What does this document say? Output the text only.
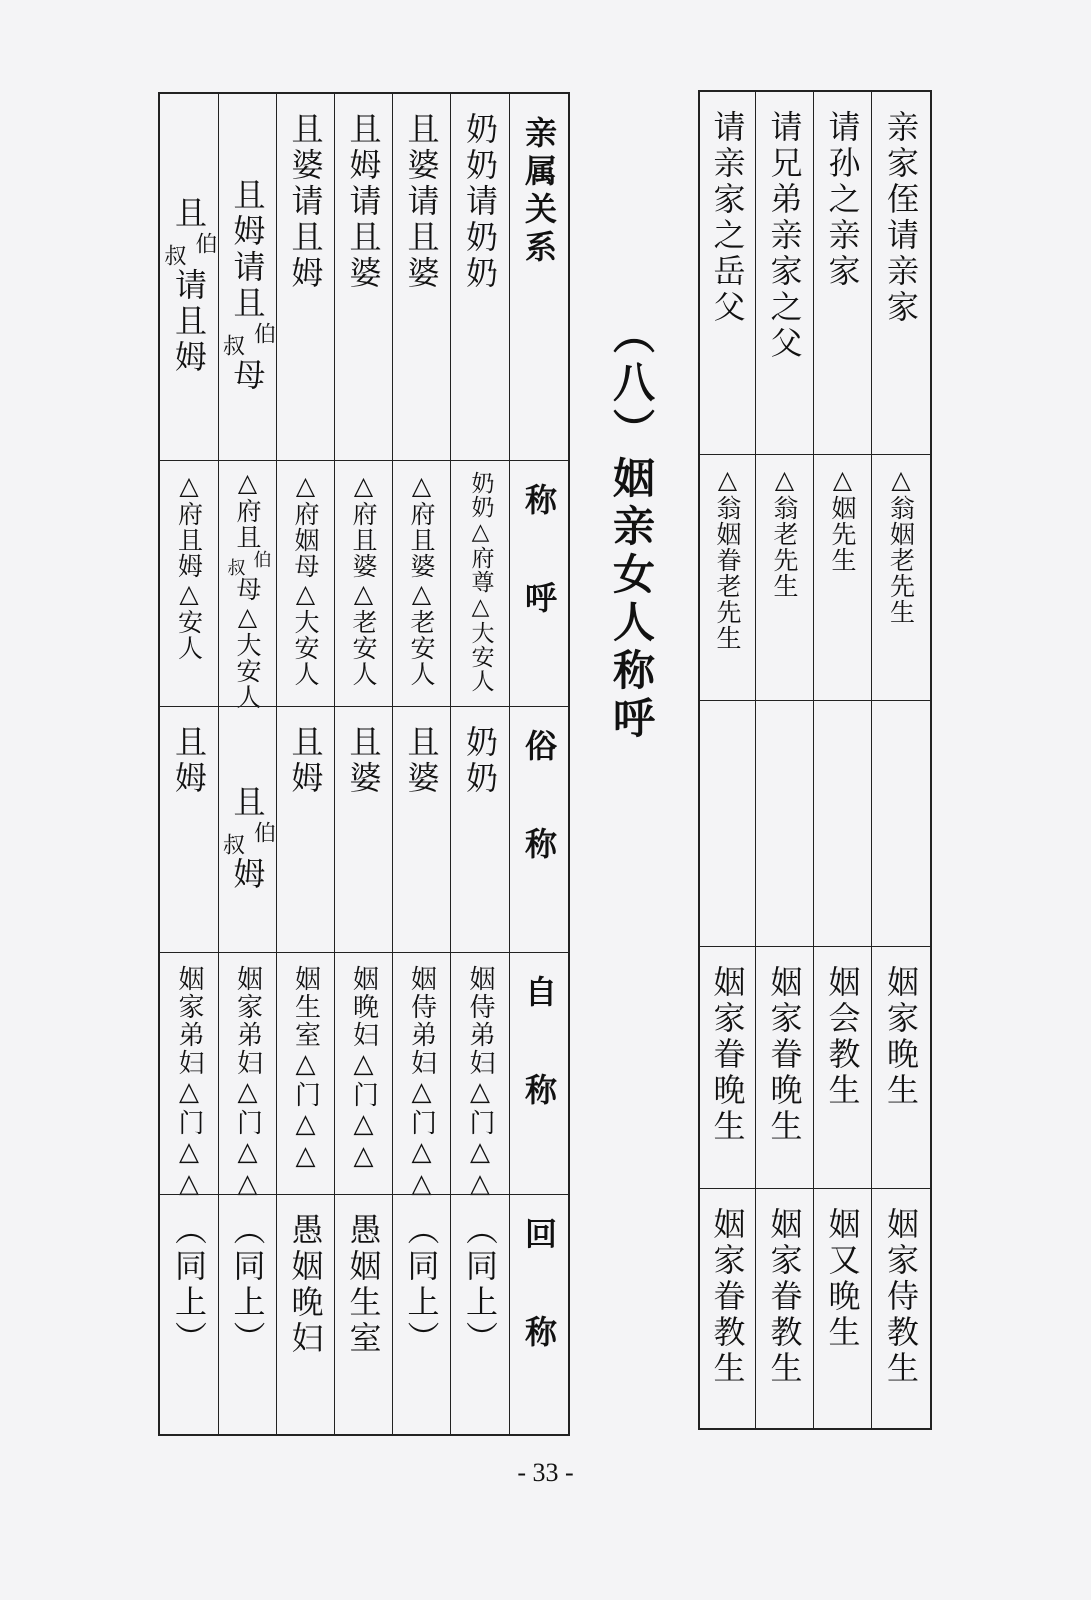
亲家侄请亲家
△翁姻老先生
姻家晚生
姻家侍教生
请孙之亲家
△姻先生
姻会教生
姻又晚生
请兄弟亲家之父
△翁老先生
姻家眷晚生
姻家眷教生
请亲家之岳父
△翁姻眷老先生
姻家眷晚生
姻家眷教生
（八）姻亲女人称呼
亲属关系
称 呼
俗 称
自 称
回 称
奶奶请奶奶
奶奶△府尊△大安人
奶奶
姻侍弟妇△门△△
（同上）
且婆请且婆
△府且婆△老安人
且婆
姻侍弟妇△门△△
（同上）
且姆请且婆
△府且婆△老安人
且婆
姻晚妇△门△△
愚姻生室
且婆请且姆
△府姻母△大安人
且姆
姻生室△门△△
愚姻晚妇
且姆请且
伯
叔
母
△府且
伯
叔
母△大安人
且
伯
叔
姆
姻家弟妇△门△△
（同上）
且
伯
叔
请且姆
△府且姆△安人
且姆
姻家弟妇△门△△
（同上）
- 33 -
